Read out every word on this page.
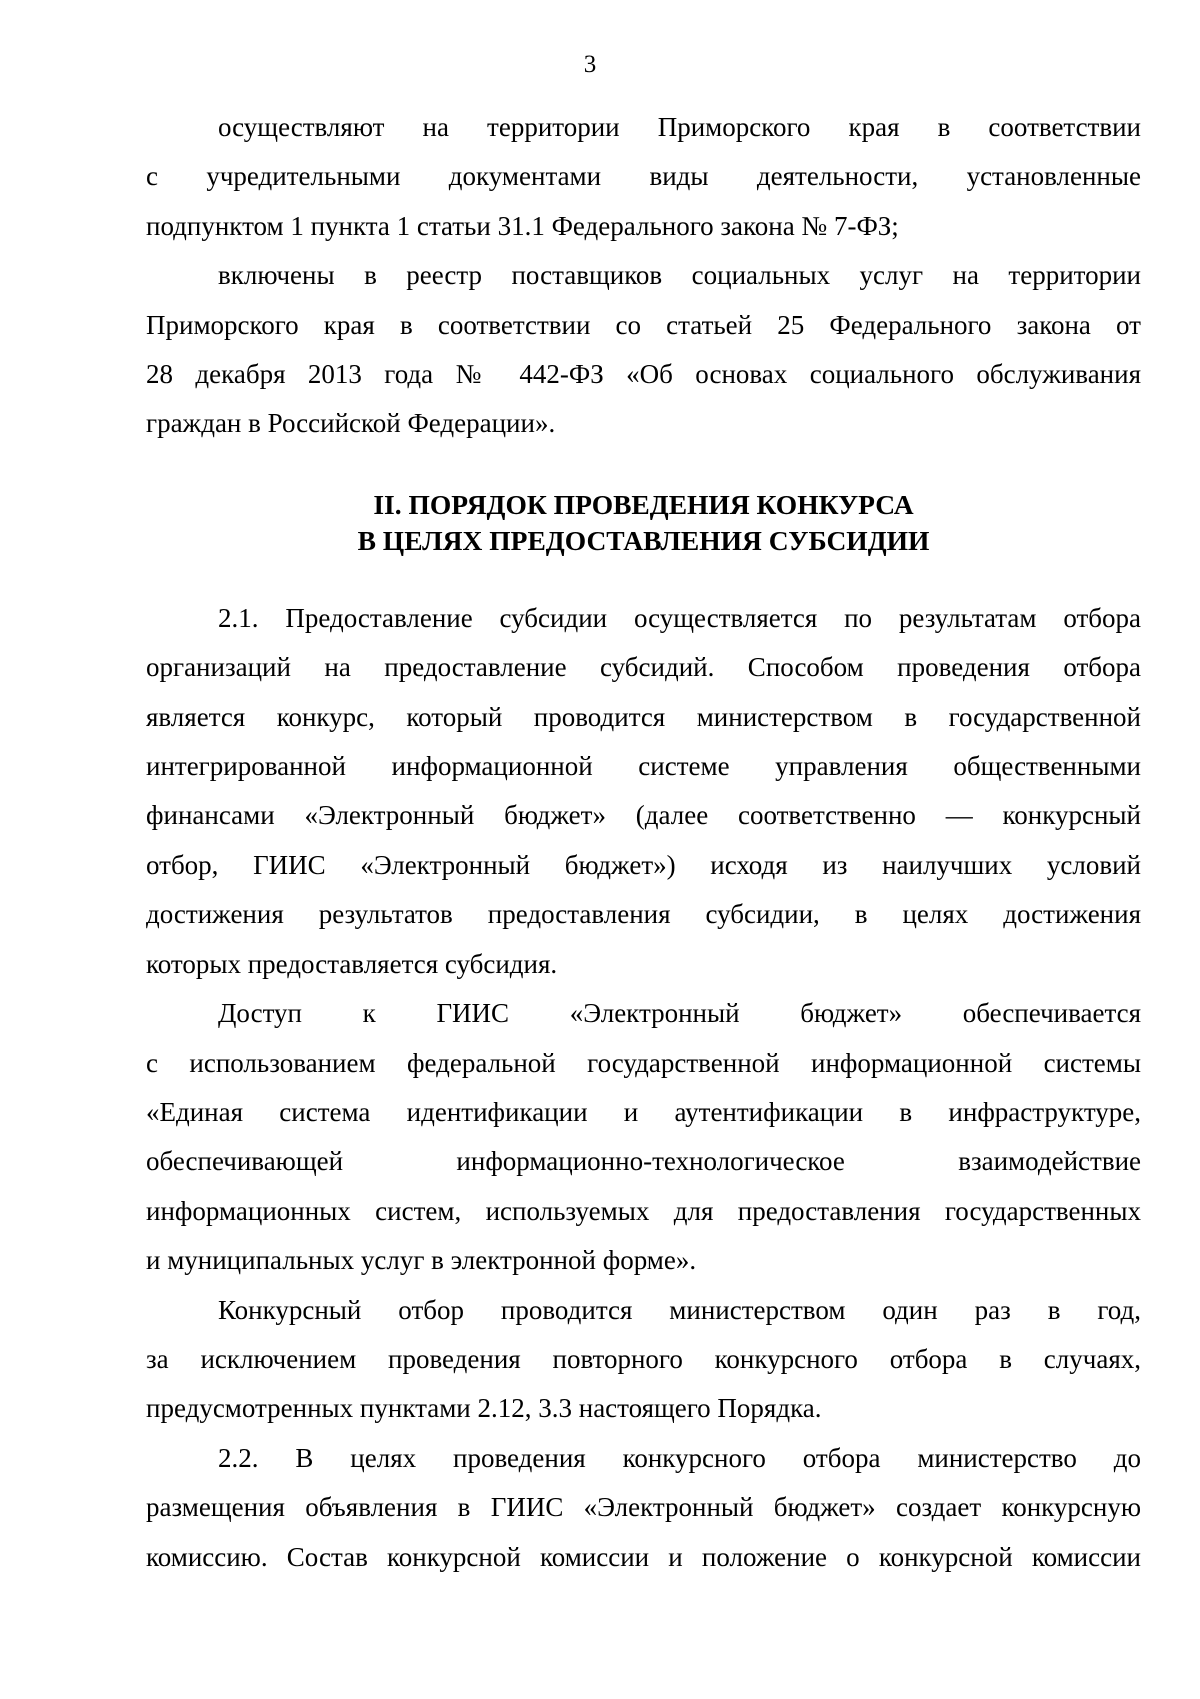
3
осуществляют на территории Приморского края в соответствии
с учредительными документами виды деятельности, установленные
подпунктом 1 пункта 1 статьи 31.1 Федерального закона № 7-ФЗ;
включены в реестр поставщиков социальных услуг на территории
Приморского края в соответствии со статьей 25 Федерального закона от
28 декабря 2013 года № 442-ФЗ «Об основах социального обслуживания
граждан в Российской Федерации».
II. ПОРЯДОК ПРОВЕДЕНИЯ КОНКУРСА
В ЦЕЛЯХ ПРЕДОСТАВЛЕНИЯ СУБСИДИИ
2.1. Предоставление субсидии осуществляется по результатам отбора
организаций на предоставление субсидий. Способом проведения отбора
является конкурс, который проводится министерством в государственной
интегрированной информационной системе управления общественными
финансами «Электронный бюджет» (далее соответственно — конкурсный
отбор, ГИИС «Электронный бюджет») исходя из наилучших условий
достижения результатов предоставления субсидии, в целях достижения
которых предоставляется субсидия.
Доступ к ГИИС «Электронный бюджет» обеспечивается
с использованием федеральной государственной информационной системы
«Единая система идентификации и аутентификации в инфраструктуре,
обеспечивающей информационно-технологическое взаимодействие
информационных систем, используемых для предоставления государственных
и муниципальных услуг в электронной форме».
Конкурсный отбор проводится министерством один раз в год,
за исключением проведения повторного конкурсного отбора в случаях,
предусмотренных пунктами 2.12, 3.3 настоящего Порядка.
2.2. В целях проведения конкурсного отбора министерство до
размещения объявления в ГИИС «Электронный бюджет» создает конкурсную
комиссию. Состав конкурсной комиссии и положение о конкурсной комиссии
